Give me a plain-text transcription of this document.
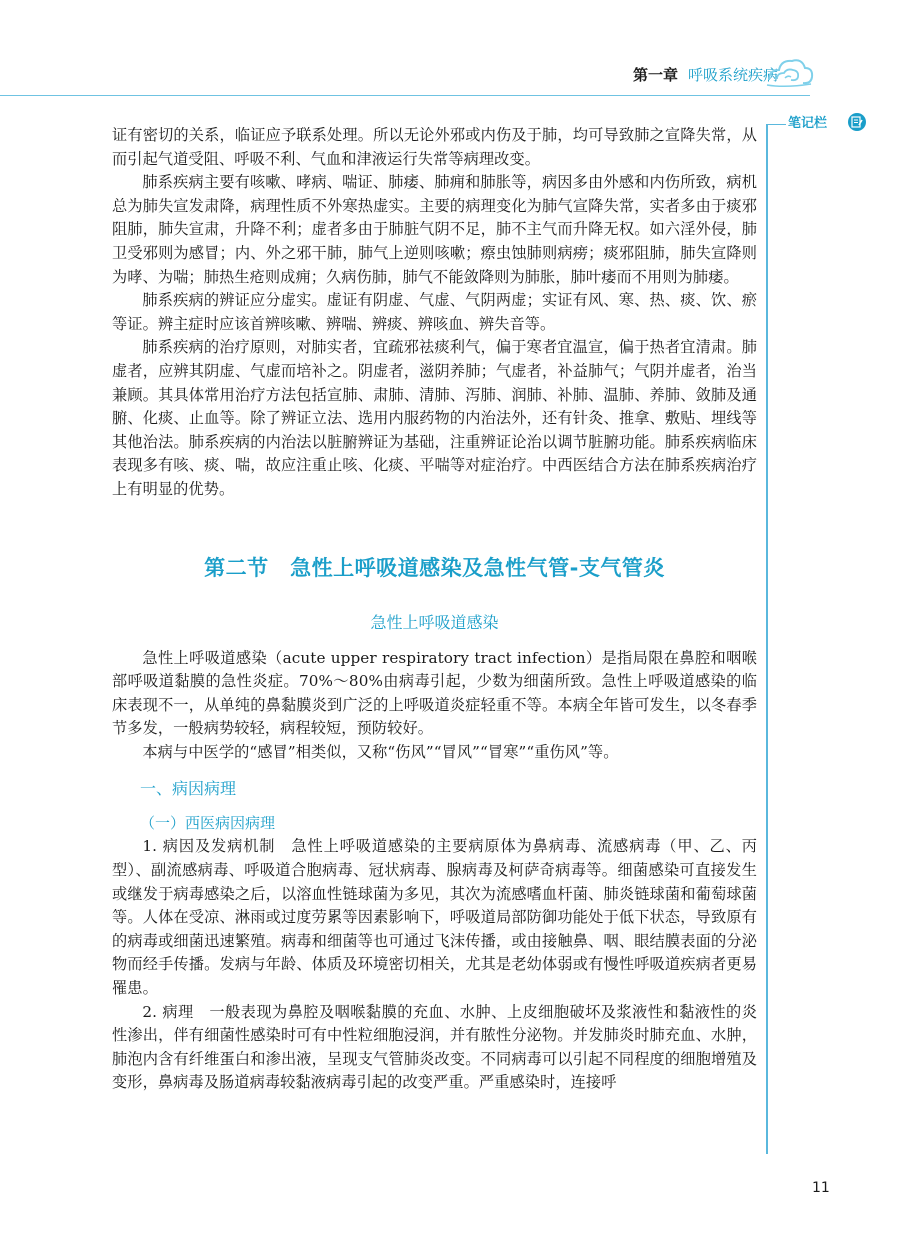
第一章 呼吸系统疾病
笔记栏

证有密切的关系，临证应予联系处理。所以无论外邪或内伤及于肺，均可导致肺之宣降失常，从而引起气道受阻、呼吸不利、气血和津液运行失常等病理改变。

肺系疾病主要有咳嗽、哮病、喘证、肺痿、肺痈和肺胀等，病因多由外感和内伤所致，病机总为肺失宣发肃降，病理性质不外寒热虚实。主要的病理变化为肺气宣降失常，实者多由于痰邪阻肺，肺失宣肃，升降不利；虚者多由于肺脏气阴不足，肺不主气而升降无权。如六淫外侵，肺卫受邪则为感冒；内、外之邪干肺，肺气上逆则咳嗽；瘵虫蚀肺则病痨；痰邪阻肺，肺失宣降则为哮、为喘；肺热生疮则成痈；久病伤肺，肺气不能敛降则为肺胀，肺叶痿而不用则为肺痿。

肺系疾病的辨证应分虚实。虚证有阴虚、气虚、气阴两虚；实证有风、寒、热、痰、饮、瘀等证。辨主症时应该首辨咳嗽、辨喘、辨痰、辨咳血、辨失音等。

肺系疾病的治疗原则，对肺实者，宜疏邪祛痰利气，偏于寒者宜温宣，偏于热者宜清肃。肺虚者，应辨其阴虚、气虚而培补之。阴虚者，滋阴养肺；气虚者，补益肺气；气阴并虚者，治当兼顾。其具体常用治疗方法包括宣肺、肃肺、清肺、泻肺、润肺、补肺、温肺、养肺、敛肺及通腑、化痰、止血等。除了辨证立法、选用内服药物的内治法外，还有针灸、推拿、敷贴、埋线等其他治法。肺系疾病的内治法以脏腑辨证为基础，注重辨证论治以调节脏腑功能。肺系疾病临床表现多有咳、痰、喘，故应注重止咳、化痰、平喘等对症治疗。中西医结合方法在肺系疾病治疗上有明显的优势。

第二节　急性上呼吸道感染及急性气管-支气管炎
急性上呼吸道感染

急性上呼吸道感染（acute upper respiratory tract infection）是指局限在鼻腔和咽喉部呼吸道黏膜的急性炎症。70%～80%由病毒引起，少数为细菌所致。急性上呼吸道感染的临床表现不一，从单纯的鼻黏膜炎到广泛的上呼吸道炎症轻重不等。本病全年皆可发生，以冬春季节多发，一般病势较轻，病程较短，预防较好。

本病与中医学的“感冒”相类似，又称“伤风”“冒风”“冒寒”“重伤风”等。

一、病因病理
（一）西医病因病理

1. 病因及发病机制　急性上呼吸道感染的主要病原体为鼻病毒、流感病毒（甲、乙、丙型）、副流感病毒、呼吸道合胞病毒、冠状病毒、腺病毒及柯萨奇病毒等。细菌感染可直接发生或继发于病毒感染之后，以溶血性链球菌为多见，其次为流感嗜血杆菌、肺炎链球菌和葡萄球菌等。人体在受凉、淋雨或过度劳累等因素影响下，呼吸道局部防御功能处于低下状态，导致原有的病毒或细菌迅速繁殖。病毒和细菌等也可通过飞沫传播，或由接触鼻、咽、眼结膜表面的分泌物而经手传播。发病与年龄、体质及环境密切相关，尤其是老幼体弱或有慢性呼吸道疾病者更易罹患。

2. 病理　一般表现为鼻腔及咽喉黏膜的充血、水肿、上皮细胞破坏及浆液性和黏液性的炎性渗出，伴有细菌性感染时可有中性粒细胞浸润，并有脓性分泌物。并发肺炎时肺充血、水肿，肺泡内含有纤维蛋白和渗出液，呈现支气管肺炎改变。不同病毒可以引起不同程度的细胞增殖及变形，鼻病毒及肠道病毒较黏液病毒引起的改变严重。严重感染时，连接呼

11
